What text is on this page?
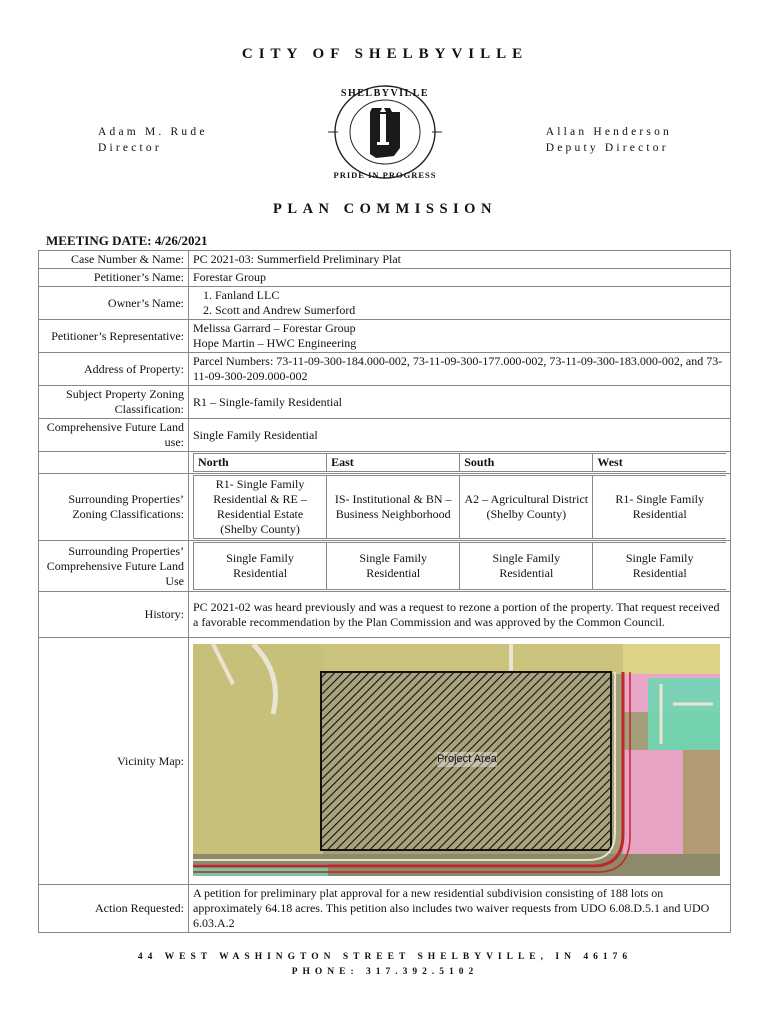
CITY OF SHELBYVILLE
Adam M. Rude
Director
SHELBYVILLE
PRIDE IN PROGRESS
Allan Henderson
Deputy Director
PLAN COMMISSION
MEETING DATE: 4/26/2021
Case Number & Name:	PC 2021-03: Summerfield Preliminary Plat
Petitioner’s Name:	Forestar Group
Owner’s Name:	
1. Fanland LLC
2. Scott and Andrew Sumerford

Petitioner’s Representative:	
Melissa Garrard – Forestar Group
Hope Martin – HWC Engineering

Address of Property:	Parcel Numbers: 73-11-09-300-184.000-002, 73-11-09-300-177.000-002, 73-11-09-300-183.000-002, and 73-11-09-300-209.000-002
Subject Property Zoning Classification:	R1 – Single-family Residential
Comprehensive Future Land use:	Single Family Residential

North	East	South	West

Surrounding Properties’ Zoning Classifications:	
R1- Single Family Residential & RE – Residential Estate (Shelby County)	IS- Institutional & BN – Business Neighborhood	A2 – Agricultural District (Shelby County)	R1- Single Family Residential

Surrounding Properties’ Comprehensive Future Land Use	
Single Family Residential	Single Family Residential	Single Family Residential	Single Family Residential

History:	PC 2021-02 was heard previously and was a request to rezone a portion of the property. That request received a favorable recommendation by the Plan Commission and was approved by the Common Council.
Vicinity Map:	Project Area

Action Requested:	A petition for preliminary plat approval for a new residential subdivision consisting of 188 lots on approximately 64.18 acres. This petition also includes two waiver requests from UDO 6.08.D.5.1 and UDO 6.03.A.2
44 WEST WASHINGTON STREET SHELBYVILLE, IN 46176
PHONE: 317.392.5102
